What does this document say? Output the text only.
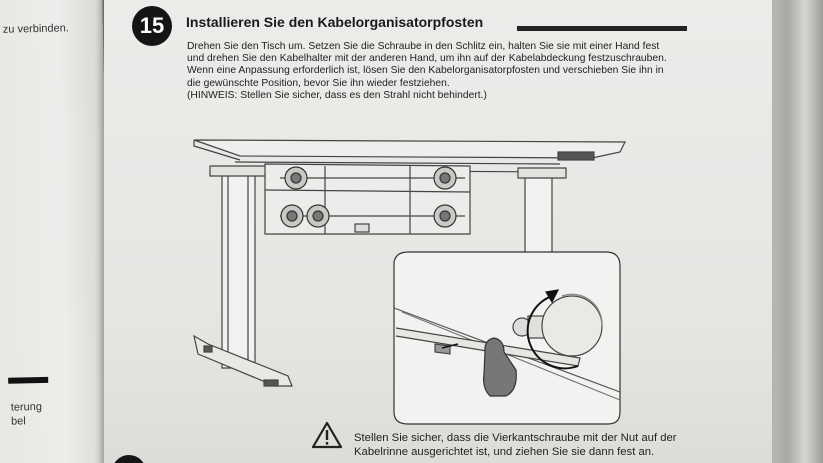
zu verbinden.
terung
bel
15	Installieren Sie den Kabelorganisatorpfosten

Drehen Sie den Tisch um. Setzen Sie die Schraube in den Schlitz ein, halten Sie sie mit einer Hand fest und drehen Sie den Kabelhalter mit der anderen Hand, um ihn auf der Kabelabdeckung festzuschrauben. Wenn eine Anpassung erforderlich ist, lösen Sie den Kabelorganisatorpfosten und verschieben Sie ihn in die gewünschte Position, bevor Sie ihn wieder festziehen.

(HINWEIS: Stellen Sie sicher, dass es den Strahl nicht behindert.)

Stellen Sie sicher, dass die Vierkantschraube mit der Nut auf der Kabelrinne ausgerichtet ist, und ziehen Sie sie dann fest an.
